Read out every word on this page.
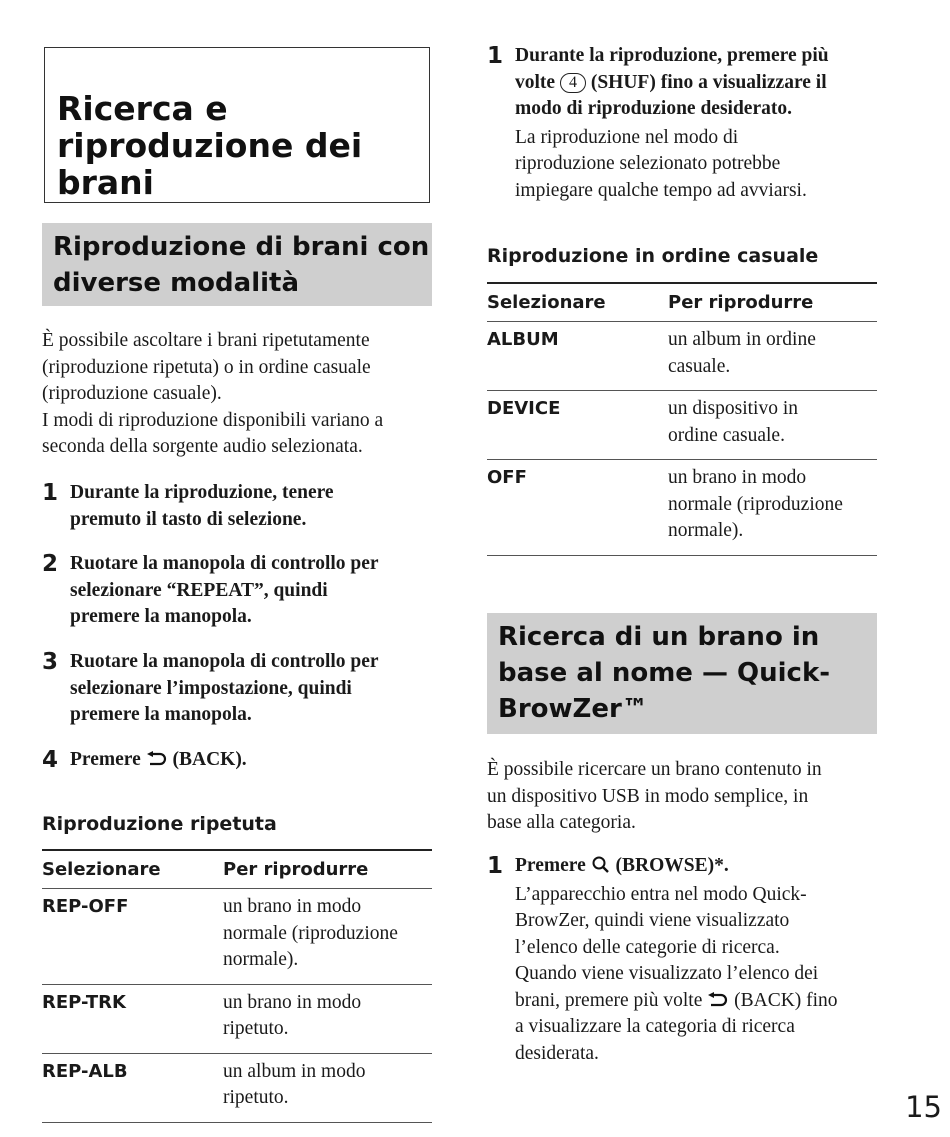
Ricerca e
riproduzione dei
brani
Riproduzione di brani con
diverse modalità

È possibile ascoltare i brani ripetutamente
(riproduzione ripetuta) o in ordine casuale
(riproduzione casuale).
I modi di riproduzione disponibili variano a
seconda della sorgente audio selezionata.

1 Durante la riproduzione, tenere
premuto il tasto di selezione.
2 Ruotare la manopola di controllo per
selezionare “REPEAT”, quindi
premere la manopola.
3 Ruotare la manopola di controllo per
selezionare l’impostazione, quindi
premere la manopola.
4 Premere (BACK).
Riproduzione ripetuta
Selezionare	Per riprodurre
REP-OFF	un brano in modo
normale (riproduzione
normale).
REP-TRK	un brano in modo
ripetuto.
REP-ALB	un album in modo
ripetuto.
1 Durante la riproduzione, premere più
volte 4 (SHUF) fino a visualizzare il
modo di riproduzione desiderato.
La riproduzione nel modo di
riproduzione selezionato potrebbe
impiegare qualche tempo ad avviarsi.
Riproduzione in ordine casuale
Selezionare	Per riprodurre
ALBUM	un album in ordine
casuale.
DEVICE	un dispositivo in
ordine casuale.
OFF	un brano in modo
normale (riproduzione
normale).
Ricerca di un brano in
base al nome — Quick-
BrowZer™

È possibile ricercare un brano contenuto in
un dispositivo USB in modo semplice, in
base alla categoria.

1 Premere (BROWSE)*.
L’apparecchio entra nel modo Quick-
BrowZer, quindi viene visualizzato
l’elenco delle categorie di ricerca.
Quando viene visualizzato l’elenco dei
brani, premere più volte (BACK) fino
a visualizzare la categoria di ricerca
desiderata.
15
